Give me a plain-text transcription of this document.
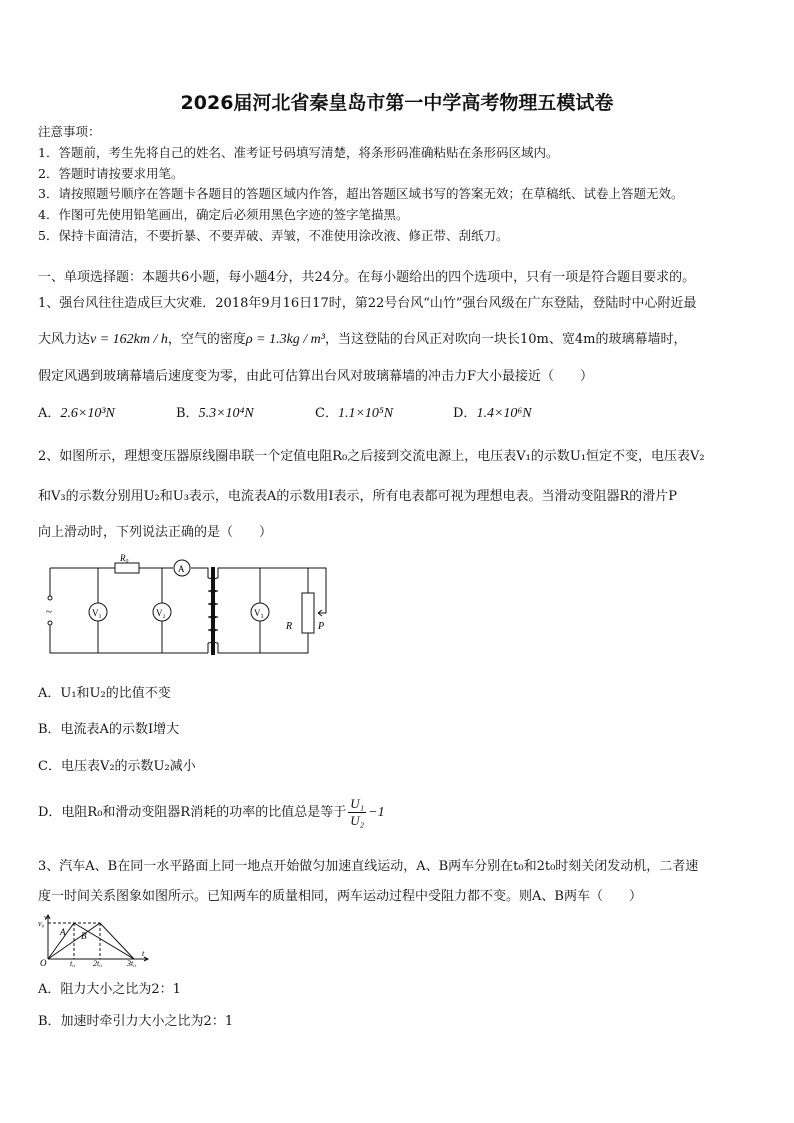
2026届河北省秦皇岛市第一中学高考物理五模试卷
注意事项：
1．答题前，考生先将自己的姓名、准考证号码填写清楚，将条形码准确粘贴在条形码区域内。
2．答题时请按要求用笔。
3．请按照题号顺序在答题卡各题目的答题区域内作答，超出答题区域书写的答案无效；在草稿纸、试卷上答题无效。
4．作图可先使用铅笔画出，确定后必须用黑色字迹的签字笔描黑。
5．保持卡面清洁，不要折暴、不要弄破、弄皱，不准使用涂改液、修正带、刮纸刀。
一、单项选择题：本题共6小题，每小题4分，共24分。在每小题给出的四个选项中，只有一项是符合题目要求的。
1、强台风往往造成巨大灾难．2018年9月16日17时，第22号台风“山竹”强台风级在广东登陆，登陆时中心附近最
大风力达v = 162km / h，空气的密度ρ = 1.3kg / m³，当这登陆的台风正对吹向一块长10m、宽4m的玻璃幕墙时，
假定风遇到玻璃幕墙后速度变为零，由此可估算出台风对玻璃幕墙的冲击力F大小最接近（　　）
A．2.6×10³N	B．5.3×10⁴N	C．1.1×10⁵N	D．1.4×10⁶N
2、如图所示，理想变压器原线圈串联一个定值电阻R₀之后接到交流电源上，电压表V₁的示数U₁恒定不变，电压表V₂
和V₃的示数分别用U₂和U₃表示，电流表A的示数用I表示，所有电表都可视为理想电表。当滑动变阻器R的滑片P
向上滑动时，下列说法正确的是（　　）
~
R₀
A
V₁	V₂	V₃
R	P
A．U₁和U₂的比值不变
B．电流表A的示数I增大
C．电压表V₂的示数U₂减小
D．电阻R₀和滑动变阻器R消耗的功率的比值总是等于 $\frac{\text{U₁}}{\text{U₂}} -1$
3、汽车A、B在同一水平路面上同一地点开始做匀加速直线运动，A、B两车分别在t₀和2t₀时刻关闭发动机，二者速
度一时间关系图象如图所示。已知两车的质量相同，两车运动过程中受阻力都不变。则A、B两车（　　）
v
v₀
O
A B
t₀ 2t₀	3t₀
t
A．阻力大小之比为2：1
B．加速时牵引力大小之比为2：1
